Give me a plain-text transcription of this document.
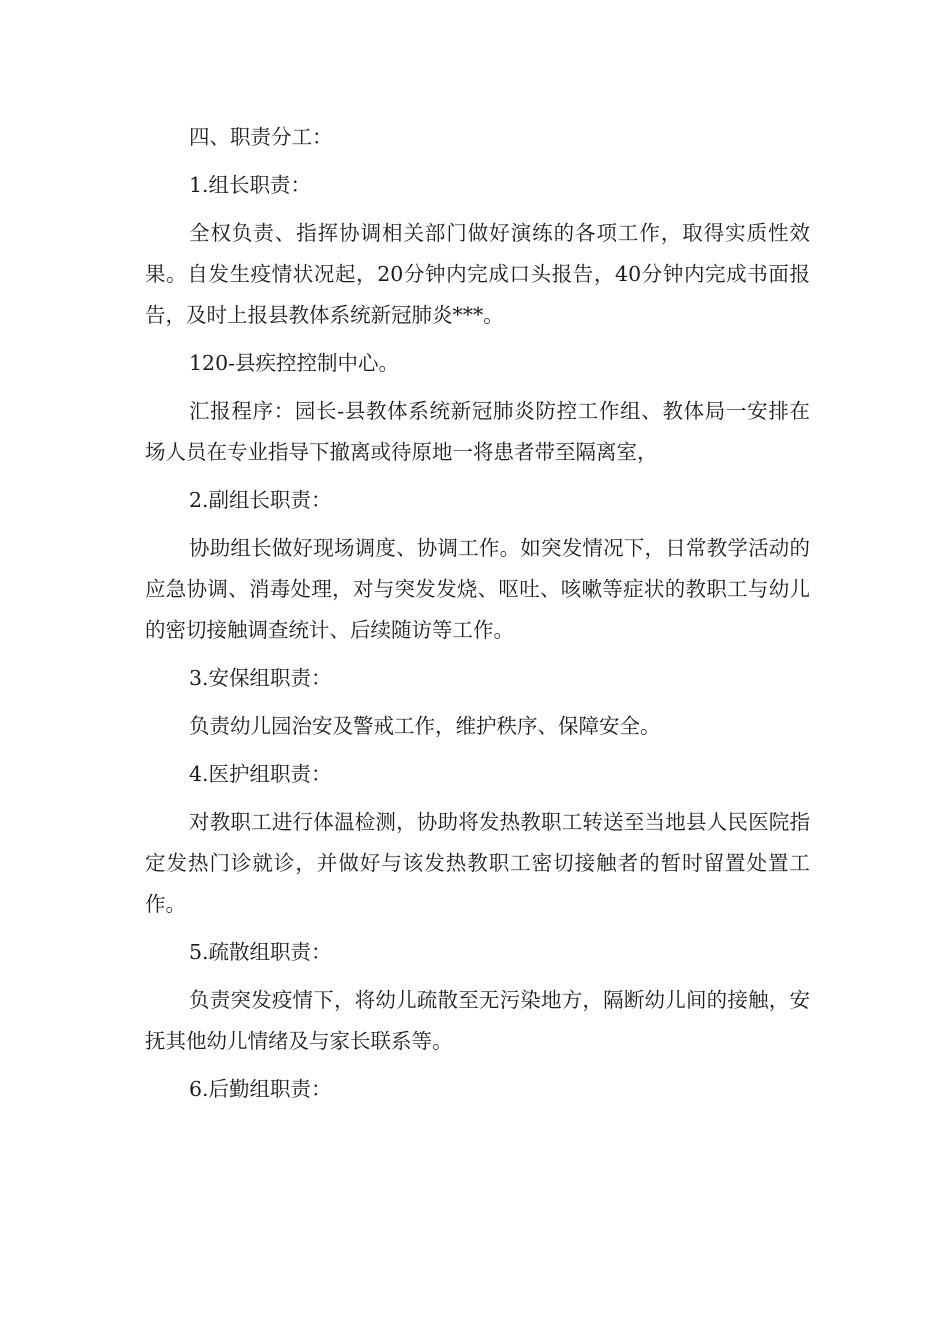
四、职责分工：

1.组长职责：

全权负责、指挥协调相关部门做好演练的各项工作，取得实质性效果。自发生疫情状况起，20分钟内完成口头报告，40分钟内完成书面报告，及时上报县教体系统新冠肺炎***。

120-县疾控控制中心。

汇报程序：园长-县教体系统新冠肺炎防控工作组、教体局一安排在场人员在专业指导下撤离或待原地一将患者带至隔离室，

2.副组长职责：

协助组长做好现场调度、协调工作。如突发情况下，日常教学活动的应急协调、消毒处理，对与突发发烧、呕吐、咳嗽等症状的教职工与幼儿的密切接触调查统计、后续随访等工作。

3.安保组职责：

负责幼儿园治安及警戒工作，维护秩序、保障安全。

4.医护组职责：

对教职工进行体温检测，协助将发热教职工转送至当地县人民医院指定发热门诊就诊，并做好与该发热教职工密切接触者的暂时留置处置工作。

5.疏散组职责：

负责突发疫情下，将幼儿疏散至无污染地方，隔断幼儿间的接触，安抚其他幼儿情绪及与家长联系等。

6.后勤组职责：
